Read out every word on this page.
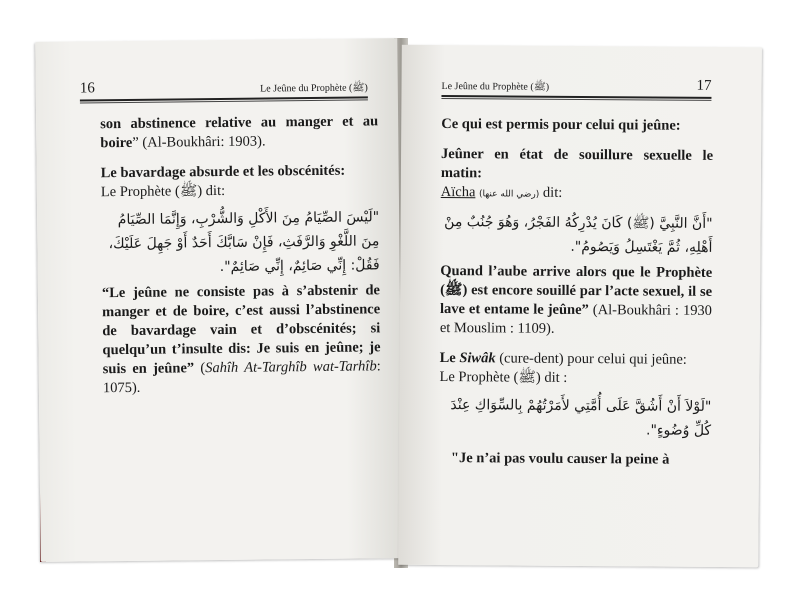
16	Le Jeûne du Prophète (ﷺ)

son abstinence relative au manger et au boire” (Al-Boukhâri: 1903).

Le bavardage absurde et les obscénités:

Le Prophète (ﷺ) dit:

"لَيْسَ الصِّيَامُ مِنَ الأَكْلِ وَالشُّرْبِ، وَإِنَّمَا الصِّيَامُ مِنَ اللَّغْوِ وَالرَّفَثِ، فَإِنْ سَابَّكَ أَحَدٌ أَوْ جَهِلَ عَلَيْكَ، فَقُلْ: إِنِّي صَائِمٌ، إِنِّي صَائِمٌ".

“Le jeûne ne consiste pas à s’abstenir de manger et de boire, c’est aussi l’abstinence de bavardage vain et d’obscénités; si quelqu’un t’insulte dis: Je suis en jeûne; je suis en jeûne” (Sahîh At-Targhîb wat-Tarhîb: 1075).

Le Jeûne du Prophète (ﷺ)	17

Ce qui est permis pour celui qui jeûne:

Jeûner en état de souillure sexuelle le matin:

Aïcha (رضي الله عنها) dit:

"أَنَّ النَّبِيَّ (ﷺ) كَانَ يُدْرِكُهُ الفَجْرُ، وَهُوَ جُنُبٌ مِنْ أَهْلِهِ، ثُمَّ يَغْتَسِلُ وَيَصُومُ".

Quand l’aube arrive alors que le Prophète (ﷺ) est encore souillé par l’acte sexuel, il se lave et entame le jeûne” (Al-Boukhâri : 1930 et Mouslim : 1109).

Le Siwâk (cure-dent) pour celui qui jeûne:

Le Prophète (ﷺ) dit :

"لَوْلاَ أَنْ أَشُقَّ عَلَى أُمَّتِي لأَمَرْتُهُمْ بِالسِّوَاكِ عِنْدَ كُلِّ وُضُوءٍ".

"Je n’ai pas voulu causer la peine à
